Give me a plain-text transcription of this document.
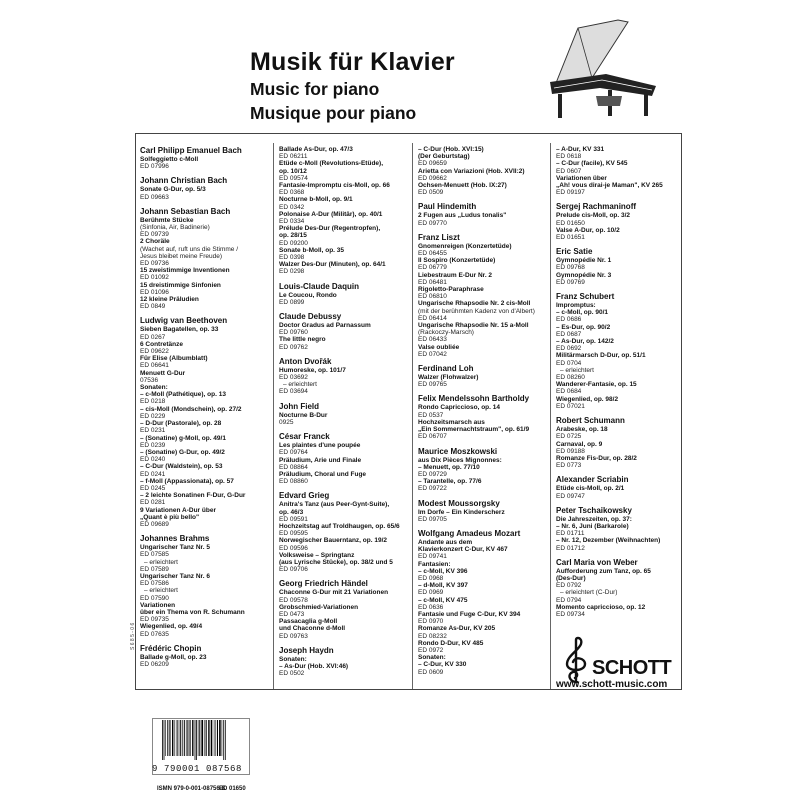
Musik für Klavier
Music for piano
Musique pour piano
Carl Philipp Emanuel Bach
Solfeggietto c-Moll
ED 07996
Johann Christian Bach
Sonate G-Dur, op. 5/3
ED 09663
Johann Sebastian Bach
Berühmte Stücke
(Sinfonia, Air, Badinerie)
ED 09739
2 Choräle
(Wachet auf, ruft uns die Stimme /
Jesus bleibet meine Freude)
ED 09736
15 zweistimmige Inventionen
ED 01092
15 dreistimmige Sinfonien
ED 01096
12 kleine Präludien
ED 0849
Ludwig van Beethoven
Sieben Bagatellen, op. 33
ED 0267
6 Contretänze
ED 09622
Für Elise (Albumblatt)
ED 06641
Menuett G-Dur
07536
Sonaten:
– c-Moll (Pathétique), op. 13
ED 0218
– cis-Moll (Mondschein), op. 27/2
ED 0229
– D-Dur (Pastorale), op. 28
ED 0231
– (Sonatine) g-Moll, op. 49/1
ED 0239
– (Sonatine) G-Dur, op. 49/2
ED 0240
– C-Dur (Waldstein), op. 53
ED 0241
– f-Moll (Appassionata), op. 57
ED 0245
– 2 leichte Sonatinen F-Dur, G-Dur
ED 0281
9 Variationen A-Dur über
„Quant è più bello"
ED 09689
Johannes Brahms
Ungarischer Tanz Nr. 5
ED 07585
– erleichtert
ED 07589
Ungarischer Tanz Nr. 6
ED 07586
– erleichtert
ED 07590
Variationen
über ein Thema von R. Schumann
ED 09735
Wiegenlied, op. 49/4
ED 07635
Frédéric Chopin
Ballade g-Moll, op. 23
ED 06209
Ballade As-Dur, op. 47/3
ED 06211
Etüde c-Moll (Revolutions-Etüde),
op. 10/12
ED 09574
Fantasie-Impromptu cis-Moll, op. 66
ED 0368
Nocturne b-Moll, op. 9/1
ED 0342
Polonaise A-Dur (Militär), op. 40/1
ED 0334
Prélude Des-Dur (Regentropfen),
op. 28/15
ED 09200
Sonate b-Moll, op. 35
ED 0398
Walzer Des-Dur (Minuten), op. 64/1
ED 0298
Louis-Claude Daquin
Le Coucou, Rondo
ED 0899
Claude Debussy
Doctor Gradus ad Parnassum
ED 09760
The little negro
ED 09762
Anton Dvořák
Humoreske, op. 101/7
ED 03692
– erleichtert
ED 03694
John Field
Nocturne B-Dur
0925
César Franck
Les plaintes d'une poupée
ED 09764
Präludium, Arie und Finale
ED 08864
Präludium, Choral und Fuge
ED 08860
Edvard Grieg
Anitra's Tanz (aus Peer-Gynt-Suite),
op. 46/3
ED 09591
Hochzeitstag auf Troldhaugen, op. 65/6
ED 09595
Norwegischer Bauerntanz, op. 19/2
ED 09596
Volksweise – Springtanz
(aus Lyrische Stücke), op. 38/2 und 5
ED 09706
Georg Friedrich Händel
Chaconne G-Dur mit 21 Variationen
ED 09578
Grobschmied-Variationen
ED 0473
Passacaglia g-Moll
und Chaconne d-Moll
ED 09763
Joseph Haydn
Sonaten:
– As-Dur (Hob. XVI:46)
ED 0502
– C-Dur (Hob. XVI:15)
(Der Geburtstag)
ED 09659
Arietta con Variazioni (Hob. XVII:2)
ED 09662
Ochsen-Menuett (Hob. IX:27)
ED 0509
Paul Hindemith
2 Fugen aus „Ludus tonalis"
ED 09770
Franz Liszt
Gnomenreigen (Konzertetüde)
ED 06455
Il Sospiro (Konzertetüde)
ED 06779
Liebestraum E-Dur Nr. 2
ED 06481
Rigoletto-Paraphrase
ED 06810
Ungarische Rhapsodie Nr. 2 cis-Moll
(mit der berühmten Kadenz von d'Albert)
ED 06414
Ungarische Rhapsodie Nr. 15 a-Moll
(Rackoczy-Marsch)
ED 06433
Valse oubliée
ED 07042
Ferdinand Loh
Walzer (Flohwalzer)
ED 09765
Felix Mendelssohn Bartholdy
Rondo Capriccioso, op. 14
ED 0537
Hochzeitsmarsch aus
„Ein Sommernachtstraum", op. 61/9
ED 06707
Maurice Moszkowski
aus Dix Pièces Mignonnes:
– Menuett, op. 77/10
ED 09729
– Tarantelle, op. 77/6
ED 09722
Modest Moussorgsky
Im Dorfe – Ein Kinderscherz
ED 09705
Wolfgang Amadeus Mozart
Andante aus dem
Klavierkonzert C-Dur, KV 467
ED 09741
Fantasien:
– c-Moll, KV 396
ED 0968
– d-Moll, KV 397
ED 0969
– c-Moll, KV 475
ED 0636
Fantasie und Fuge C-Dur, KV 394
ED 0970
Romanze As-Dur, KV 205
ED 08232
Rondo D-Dur, KV 485
ED 0972
Sonaten:
– C-Dur, KV 330
ED 0609
– A-Dur, KV 331
ED 0618
– C-Dur (facile), KV 545
ED 0607
Variationen über
„Ah! vous dirai-je Maman", KV 265
ED 09197
Sergej Rachmaninoff
Prelude cis-Moll, op. 3/2
ED 01650
Valse A-Dur, op. 10/2
ED 01651
Eric Satie
Gymnopédie Nr. 1
ED 09768
Gymnopédie Nr. 3
ED 09769
Franz Schubert
Impromptus:
– c-Moll, op. 90/1
ED 0686
– Es-Dur, op. 90/2
ED 0687
– As-Dur, op. 142/2
ED 0692
Militärmarsch D-Dur, op. 51/1
ED 0704
– erleichtert
ED 08260
Wanderer-Fantasie, op. 15
ED 0684
Wiegenlied, op. 98/2
ED 07021
Robert Schumann
Arabeske, op. 18
ED 0725
Carnaval, op. 9
ED 09188
Romanze Fis-Dur, op. 28/2
ED 0773
Alexander Scriabin
Etüde cis-Moll, op. 2/1
ED 09747
Peter Tschaikowsky
Die Jahreszeiten, op. 37:
– Nr. 6, Juni (Barkarole)
ED 01711
– Nr. 12, Dezember (Weihnachten)
ED 01712
Carl Maria von Weber
Aufforderung zum Tanz, op. 65
(Des-Dur)
ED 0792
– erleichtert (C-Dur)
ED 0794
Momento capriccioso, op. 12
ED 09734
S 6 8 5 - 0 6
SCHOTT
www.schott-music.com
9 790001 087568
ISMN 979-0-001-08756-8
ED 01650
